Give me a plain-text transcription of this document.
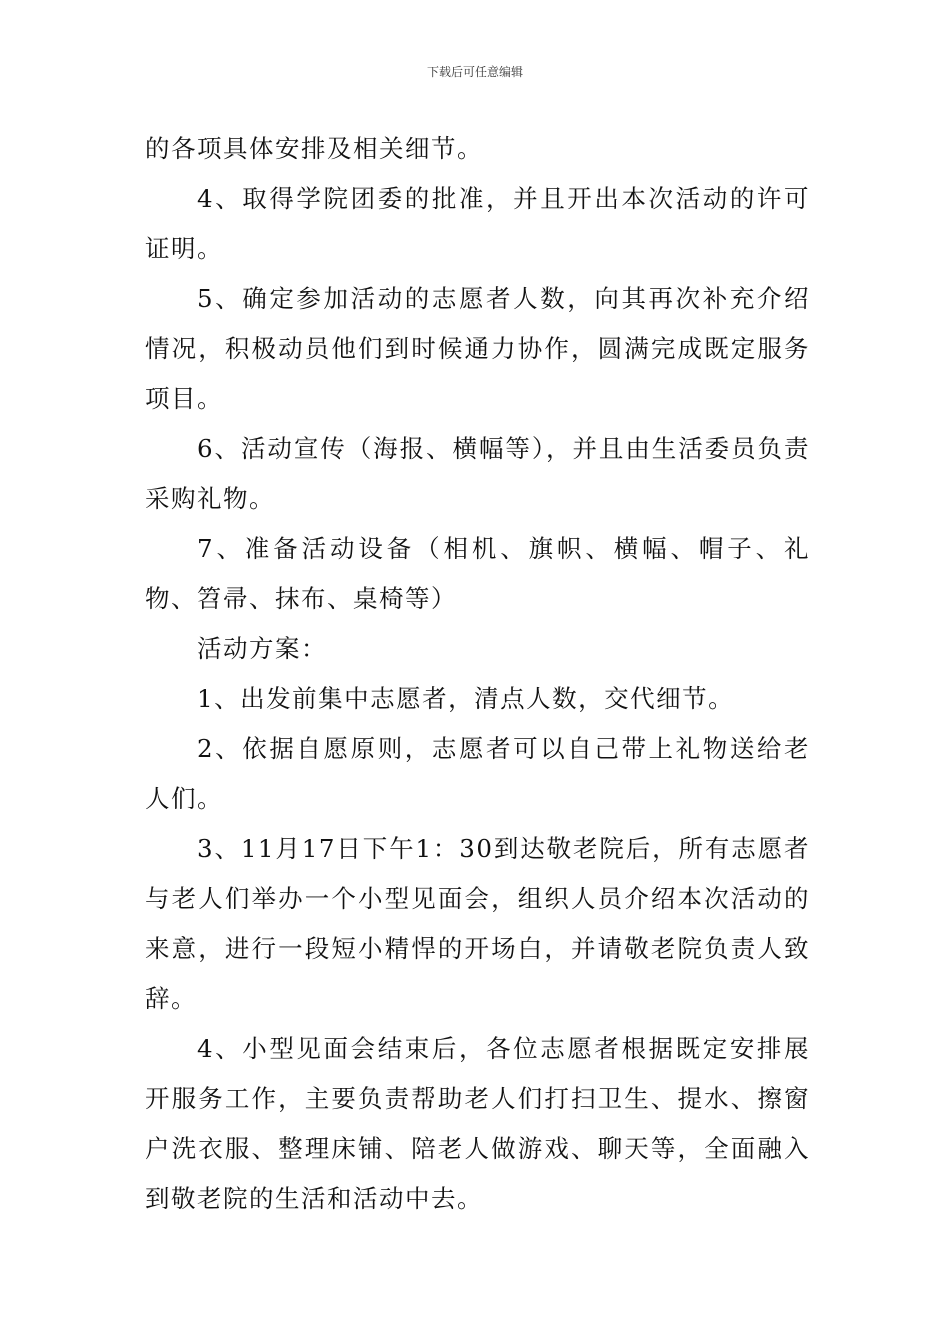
下载后可任意编辑

的各项具体安排及相关细节。

4、取得学院团委的批准，并且开出本次活动的许可证明。

5、确定参加活动的志愿者人数，向其再次补充介绍情况，积极动员他们到时候通力协作，圆满完成既定服务项目。

6、活动宣传（海报、横幅等），并且由生活委员负责采购礼物。

7、准备活动设备（相机、旗帜、横幅、帽子、礼物、笤帚、抹布、桌椅等）

活动方案：

1、出发前集中志愿者，清点人数，交代细节。

2、依据自愿原则，志愿者可以自己带上礼物送给老人们。

3、11月17日下午1：30到达敬老院后，所有志愿者与老人们举办一个小型见面会，组织人员介绍本次活动的来意，进行一段短小精悍的开场白，并请敬老院负责人致辞。

4、小型见面会结束后，各位志愿者根据既定安排展开服务工作，主要负责帮助老人们打扫卫生、提水、擦窗户洗衣服、整理床铺、陪老人做游戏、聊天等，全面融入到敬老院的生活和活动中去。
